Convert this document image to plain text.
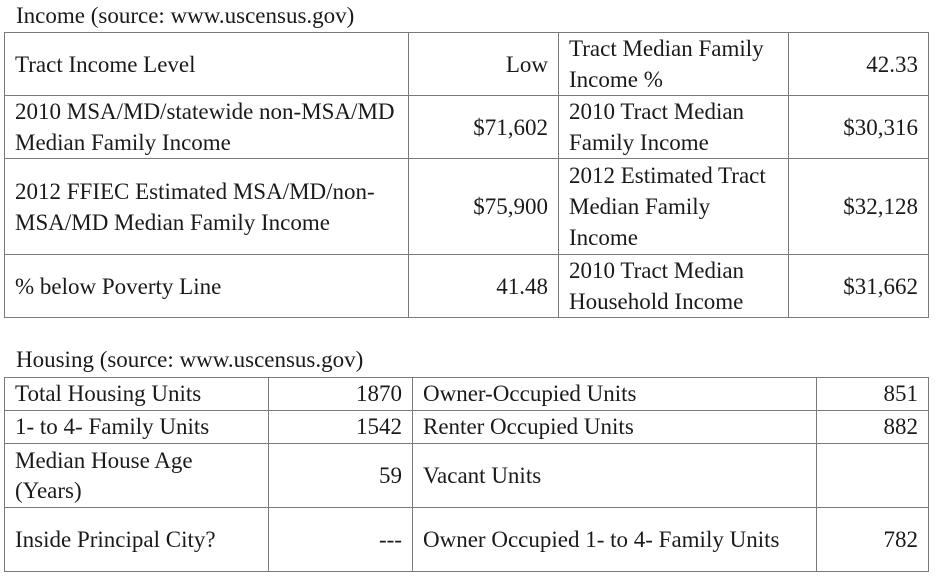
Income (source: www.uscensus.gov)

Tract Income Level	Low	Tract Median Family Income %	42.33
2010 MSA/MD/statewide non-MSA/MD Median Family Income	$71,602	2010 Tract Median Family Income	$30,316
2012 FFIEC Estimated MSA/MD/non-MSA/MD Median Family Income	$75,900	2012 Estimated Tract Median Family Income	$32,128
% below Poverty Line	41.48	2010 Tract Median Household Income	$31,662

Housing (source: www.uscensus.gov)

Total Housing Units	1870	Owner-Occupied Units	851
1- to 4- Family Units	1542	Renter Occupied Units	882
Median House Age (Years)	59	Vacant Units	
Inside Principal City?	---	Owner Occupied 1- to 4- Family Units	782
